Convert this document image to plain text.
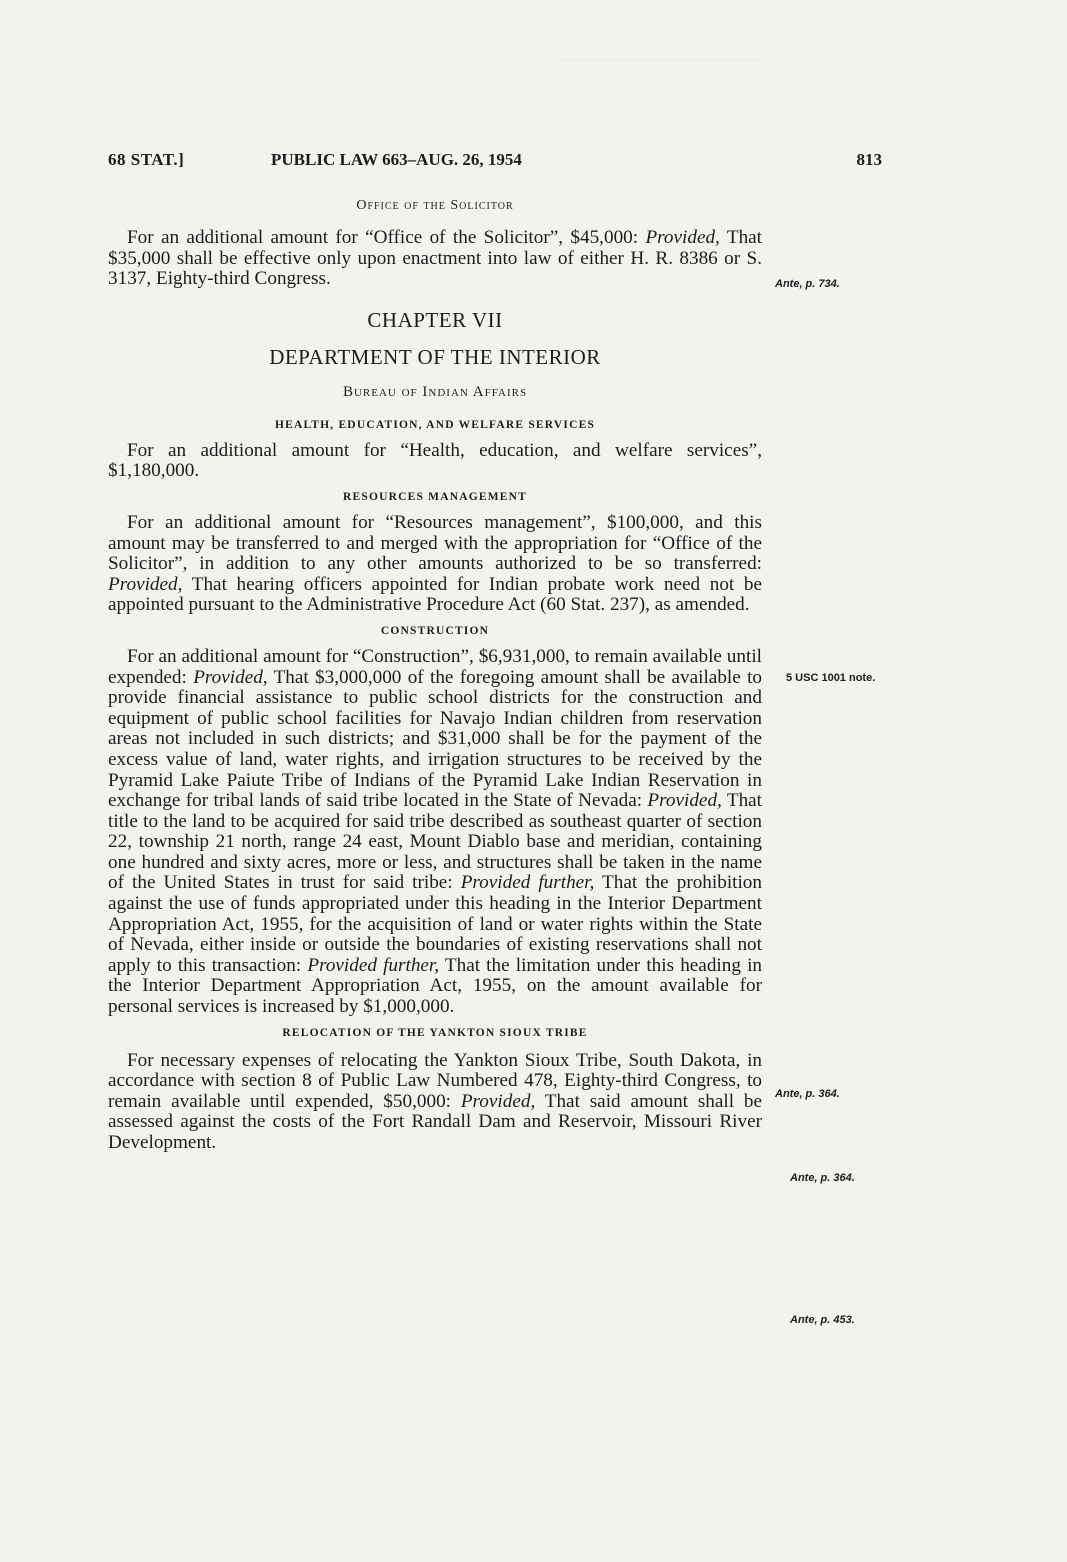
68 STAT.]	PUBLIC LAW 663–AUG. 26, 1954	813
Office of the Solicitor

For an additional amount for “Office of the Solicitor”, $45,000: Provided, That $35,000 shall be effective only upon enactment into law of either H. R. 8386 or S. 3137, Eighty-third Congress.

CHAPTER VII
DEPARTMENT OF THE INTERIOR
Bureau of Indian Affairs
HEALTH, EDUCATION, AND WELFARE SERVICES

For an additional amount for “Health, education, and welfare services”, $1,180,000.

RESOURCES MANAGEMENT

For an additional amount for “Resources management”, $100,000, and this amount may be transferred to and merged with the appropriation for “Office of the Solicitor”, in addition to any other amounts authorized to be so transferred: Provided, That hearing officers appointed for Indian probate work need not be appointed pursuant to the Administrative Procedure Act (60 Stat. 237), as amended.

CONSTRUCTION

For an additional amount for “Construction”, $6,931,000, to remain available until expended: Provided, That $3,000,000 of the foregoing amount shall be available to provide financial assistance to public school districts for the construction and equipment of public school facilities for Navajo Indian children from reservation areas not included in such districts; and $31,000 shall be for the payment of the excess value of land, water rights, and irrigation structures to be received by the Pyramid Lake Paiute Tribe of Indians of the Pyramid Lake Indian Reservation in exchange for tribal lands of said tribe located in the State of Nevada: Provided, That title to the land to be acquired for said tribe described as southeast quarter of section 22, township 21 north, range 24 east, Mount Diablo base and meridian, containing one hundred and sixty acres, more or less, and structures shall be taken in the name of the United States in trust for said tribe: Provided further, That the prohibition against the use of funds appropriated under this heading in the Interior Department Appropriation Act, 1955, for the acquisition of land or water rights within the State of Nevada, either inside or outside the boundaries of existing reservations shall not apply to this transaction: Provided further, That the limitation under this heading in the Interior Department Appropriation Act, 1955, on the amount available for personal services is increased by $1,000,000.

RELOCATION OF THE YANKTON SIOUX TRIBE

For necessary expenses of relocating the Yankton Sioux Tribe, South Dakota, in accordance with section 8 of Public Law Numbered 478, Eighty-third Congress, to remain available until expended, $50,000: Provided, That said amount shall be assessed against the costs of the Fort Randall Dam and Reservoir, Missouri River Development.

Ante, p. 734.
5 USC 1001 note.
Ante, p. 364.
Ante, p. 364.
Ante, p. 453.
